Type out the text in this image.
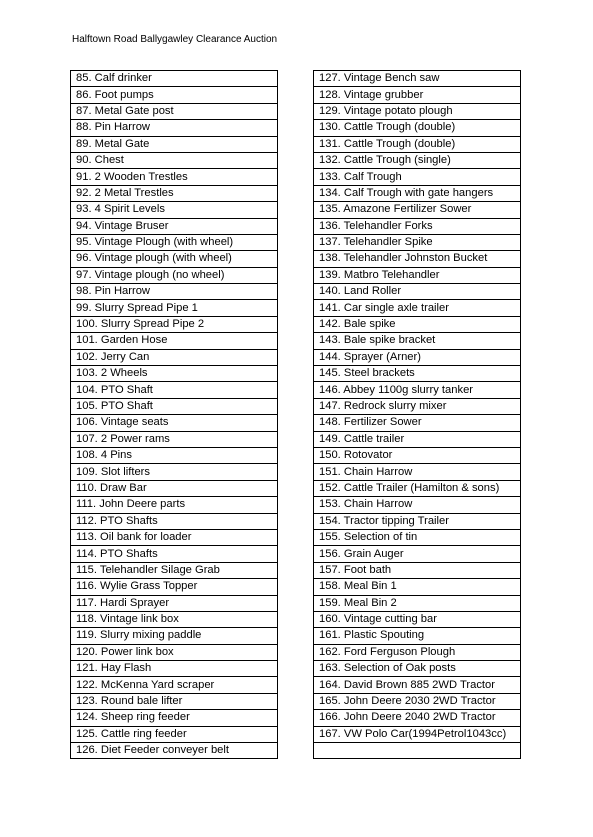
Halftown Road Ballygawley Clearance Auction
85. Calf drinker
86. Foot pumps
87. Metal Gate post
88. Pin Harrow
89. Metal Gate
90. Chest
91. 2 Wooden Trestles
92. 2 Metal Trestles
93. 4 Spirit Levels
94. Vintage Bruser
95. Vintage Plough (with wheel)
96. Vintage plough (with wheel)
97. Vintage plough (no wheel)
98. Pin Harrow
99. Slurry Spread Pipe 1
100. Slurry Spread Pipe 2
101. Garden Hose
102. Jerry Can
103. 2 Wheels
104. PTO Shaft
105. PTO Shaft
106. Vintage seats
107. 2 Power rams
108. 4 Pins
109. Slot lifters
110. Draw Bar
111. John Deere parts
112. PTO Shafts
113. Oil bank for loader
114. PTO Shafts
115. Telehandler Silage Grab
116. Wylie Grass Topper
117. Hardi Sprayer
118. Vintage link box
119. Slurry mixing paddle
120. Power link box
121. Hay Flash
122. McKenna Yard scraper
123. Round bale lifter
124. Sheep ring feeder
125. Cattle ring feeder
126. Diet Feeder conveyer belt
127. Vintage Bench saw
128. Vintage grubber
129. Vintage potato plough
130. Cattle Trough (double)
131. Cattle Trough (double)
132. Cattle Trough (single)
133. Calf Trough
134. Calf Trough with gate hangers
135. Amazone Fertilizer Sower
136. Telehandler Forks
137. Telehandler Spike
138. Telehandler Johnston Bucket
139. Matbro Telehandler
140. Land Roller
141. Car single axle trailer
142. Bale spike
143. Bale spike bracket
144. Sprayer (Arner)
145. Steel brackets
146. Abbey 1100g slurry tanker
147. Redrock slurry mixer
148. Fertilizer Sower
149. Cattle trailer
150. Rotovator
151. Chain Harrow
152. Cattle Trailer (Hamilton & sons)
153. Chain Harrow
154. Tractor tipping Trailer
155. Selection of tin
156. Grain Auger
157. Foot bath
158. Meal Bin 1
159. Meal Bin 2
160. Vintage cutting bar
161. Plastic Spouting
162. Ford Ferguson Plough
163. Selection of Oak posts
164. David Brown 885 2WD Tractor
165. John Deere 2030 2WD Tractor
166. John Deere 2040 2WD Tractor
167. VW Polo Car(1994Petrol1043cc)
